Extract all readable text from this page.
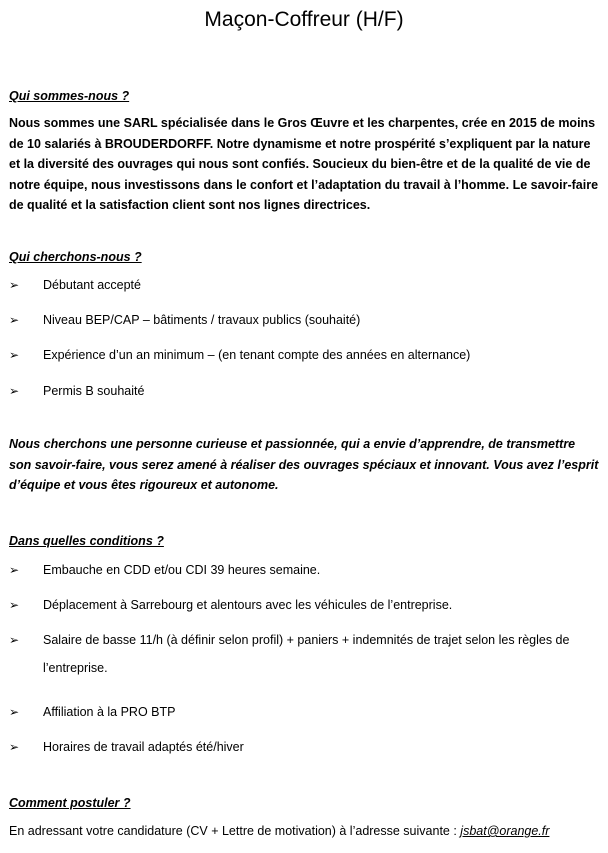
Maçon-Coffreur (H/F)
Qui sommes-nous ?
Nous sommes une SARL spécialisée dans le Gros Œuvre et les charpentes, crée en 2015 de moins de 10 salariés à BROUDERDORFF. Notre dynamisme et notre prospérité s’expliquent par la nature et la diversité des ouvrages qui nous sont confiés. Soucieux du bien-être et de la qualité de vie de notre équipe, nous investissons dans le confort et l’adaptation du travail à l’homme. Le savoir-faire de qualité et la satisfaction client sont nos lignes directrices.
Qui cherchons-nous ?
➢	Débutant accepté
➢	Niveau BEP/CAP – bâtiments / travaux publics (souhaité)
➢	Expérience d’un an minimum – (en tenant compte des années en alternance)
➢	Permis B souhaité
Nous cherchons une personne curieuse et passionnée, qui a envie d’apprendre, de transmettre son savoir-faire, vous serez amené à réaliser des ouvrages spéciaux et innovant. Vous avez l’esprit d’équipe et vous êtes rigoureux et autonome.
Dans quelles conditions ?
➢	Embauche en CDD et/ou CDI 39 heures semaine.
➢	Déplacement à Sarrebourg et alentours avec les véhicules de l’entreprise.
➢	Salaire de basse 11/h (à définir selon profil) + paniers + indemnités de trajet selon les règles de l’entreprise.
➢	Affiliation à la PRO BTP
➢	Horaires de travail adaptés été/hiver
Comment postuler ?
En adressant votre candidature (CV + Lettre de motivation) à l’adresse suivante : jsbat@orange.fr
